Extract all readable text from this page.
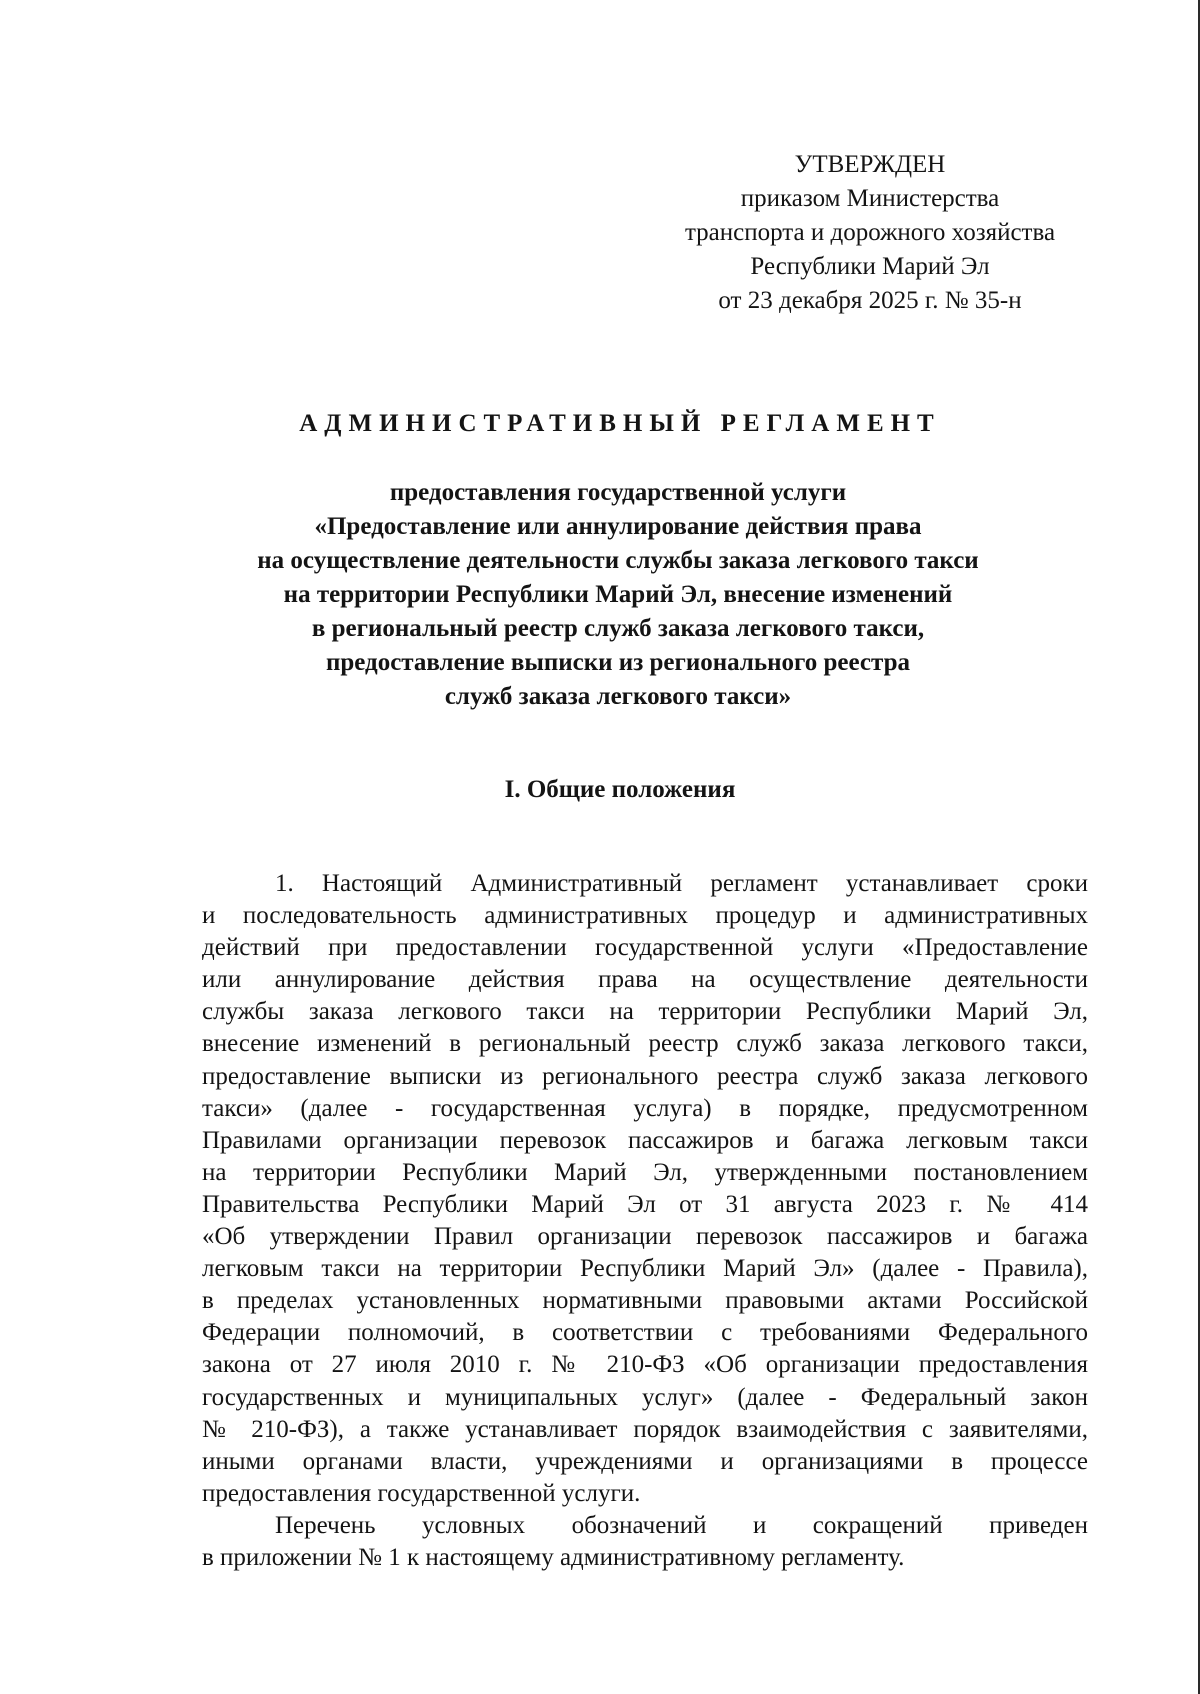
УТВЕРЖДЕН
приказом Министерства
транспорта и дорожного хозяйства
Республики Марий Эл
от 23 декабря 2025 г. № 35-н
АДМИНИСТРАТИВНЫЙ РЕГЛАМЕНТ
предоставления государственной услуги
«Предоставление или аннулирование действия права
на осуществление деятельности службы заказа легкового такси
на территории Республики Марий Эл, внесение изменений
в региональный реестр служб заказа легкового такси,
предоставление выписки из регионального реестра
служб заказа легкового такси»
I. Общие положения
1. Настоящий Административный регламент устанавливает сроки
и последовательность административных процедур и административных
действий при предоставлении государственной услуги «Предоставление
или аннулирование действия права на осуществление деятельности
службы заказа легкового такси на территории Республики Марий Эл,
внесение изменений в региональный реестр служб заказа легкового такси,
предоставление выписки из регионального реестра служб заказа легкового
такси» (далее - государственная услуга) в порядке, предусмотренном
Правилами организации перевозок пассажиров и багажа легковым такси
на территории Республики Марий Эл, утвержденными постановлением
Правительства Республики Марий Эл от 31 августа 2023 г. № 414
«Об утверждении Правил организации перевозок пассажиров и багажа
легковым такси на территории Республики Марий Эл» (далее - Правила),
в пределах установленных нормативными правовыми актами Российской
Федерации полномочий, в соответствии с требованиями Федерального
закона от 27 июля 2010 г. № 210-ФЗ «Об организации предоставления
государственных и муниципальных услуг» (далее - Федеральный закон
№ 210-ФЗ), а также устанавливает порядок взаимодействия с заявителями,
иными органами власти, учреждениями и организациями в процессе
предоставления государственной услуги.
Перечень условных обозначений и сокращений приведен
в приложении № 1 к настоящему административному регламенту.
